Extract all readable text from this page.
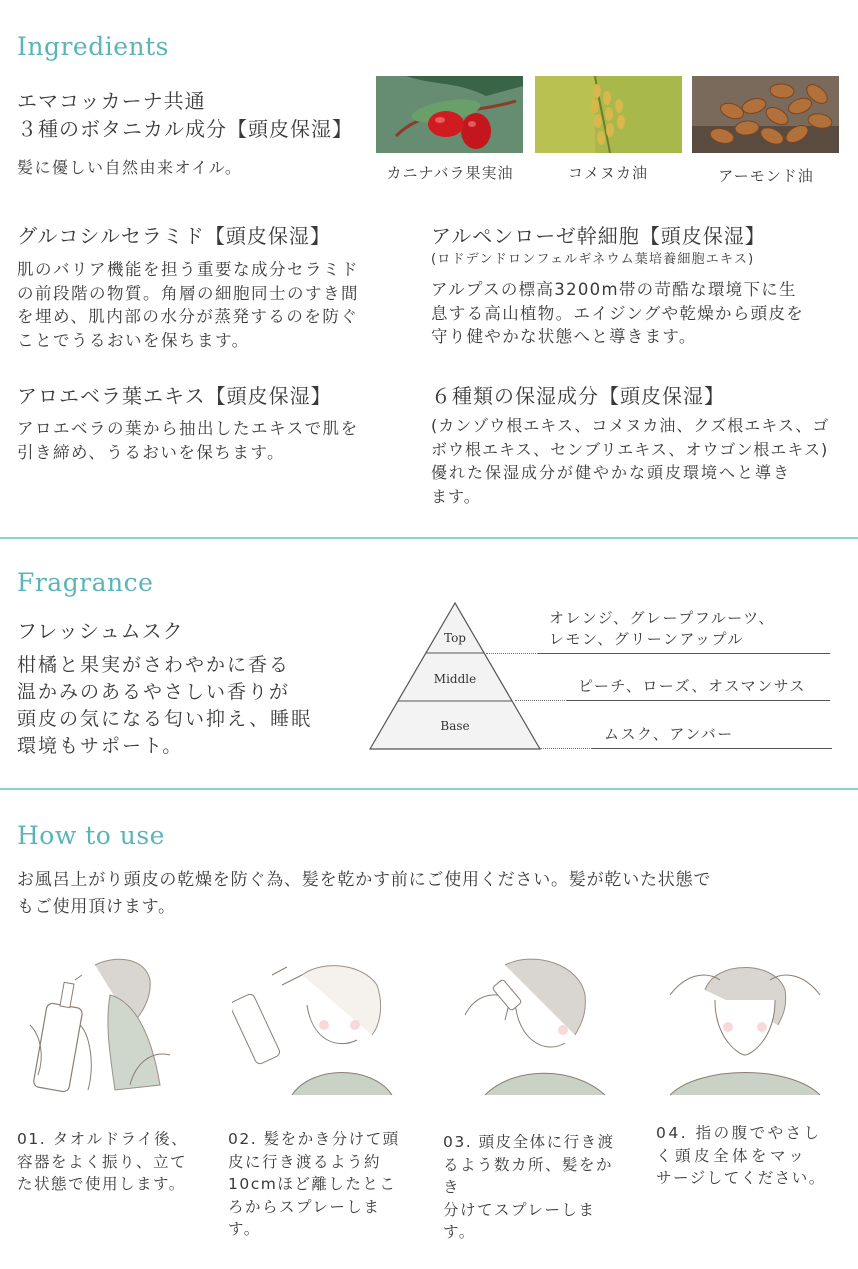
Ingredients
エマコッカーナ共通
３種のボタニカル成分【頭皮保湿】
髪に優しい自然由来オイル。	カニナバラ果実油	コメヌカ油	アーモンド油
グルコシルセラミド【頭皮保湿】
肌のバリア機能を担う重要な成分セラミド
の前段階の物質。角層の細胞同士のすき間
を埋め、肌内部の水分が蒸発するのを防ぐ
ことでうるおいを保ちます。
アルペンローゼ幹細胞【頭皮保湿】
(ロドデンドロンフェルギネウム葉培養細胞エキス)
アルプスの標高3200m帯の苛酷な環境下に生
息する高山植物。エイジングや乾燥から頭皮を
守り健やかな状態へと導きます。
アロエベラ葉エキス【頭皮保湿】
アロエベラの葉から抽出したエキスで肌を
引き締め、うるおいを保ちます。
６種類の保湿成分【頭皮保湿】
(カンゾウ根エキス、コメヌカ油、クズ根エキス、ゴ
ボウ根エキス、センブリエキス、オウゴン根エキス)
優れた保湿成分が健やかな頭皮環境へと導き
ます。
Fragrance
フレッシュムスク
柑橘と果実がさわやかに香る
温かみのあるやさしい香りが
頭皮の気になる匂い抑え、睡眠
環境もサポート。
Top
Middle
Base
オレンジ、グレープフルーツ、
レモン、グリーンアップル
ピーチ、ローズ、オスマンサス
ムスク、アンバー
How to use
お風呂上がり頭皮の乾燥を防ぐ為、髪を乾かす前にご使用ください。髪が乾いた状態で
もご使用頂けます。
01. タオルドライ後、
容器をよく振り、立て
た状態で使用します。
02. 髪をかき分けて頭
皮に行き渡るよう約
10cmほど離したとこ
ろからスプレーします。
03. 頭皮全体に行き渡
るよう数カ所、髪をかき
分けてスプレーします。
04. 指の腹でやさし
く頭皮全体をマッ
サージしてください。
